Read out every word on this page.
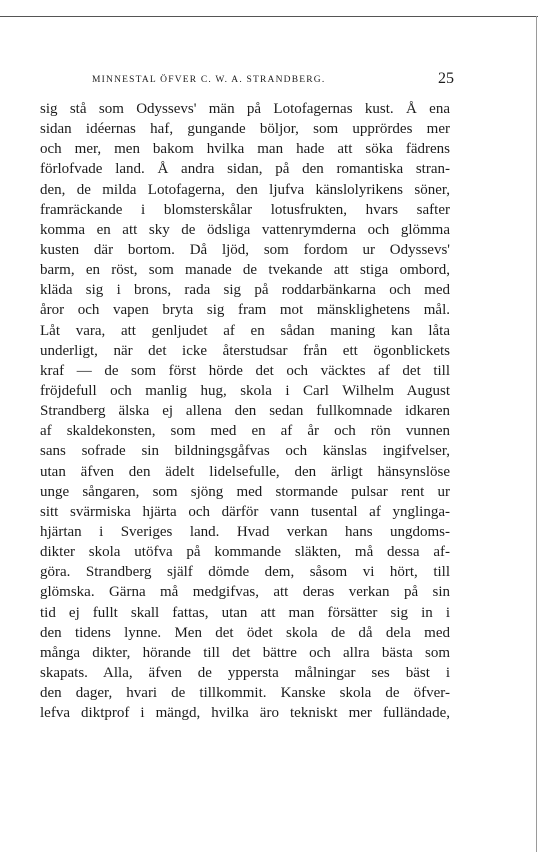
MINNESTAL ÖFVER C. W. A. STRANDBERG.	25
sig stå som Odyssevs' män på Lotofagernas kust. Å ena
sidan idéernas haf, gungande böljor, som upprördes mer
och mer, men bakom hvilka man hade att söka fädrens
förlofvade land. Å andra sidan, på den romantiska stran-
den, de milda Lotofagerna, den ljufva känslolyrikens söner,
framräckande i blomsterskålar lotusfrukten, hvars safter
komma en att sky de ödsliga vattenrymderna och glömma
kusten där bortom. Då ljöd, som fordom ur Odyssevs'
barm, en röst, som manade de tvekande att stiga ombord,
kläda sig i brons, rada sig på roddarbänkarna och med
åror och vapen bryta sig fram mot mänsklighetens mål.
Låt vara, att genljudet af en sådan maning kan låta
underligt, när det icke återstudsar från ett ögonblickets
kraf — de som först hörde det och väcktes af det till
fröjdefull och manlig hug, skola i Carl Wilhelm August
Strandberg älska ej allena den sedan fullkomnade idkaren
af skaldekonsten, som med en af år och rön vunnen
sans sofrade sin bildningsgåfvas och känslas ingifvelser,
utan äfven den ädelt lidelsefulle, den ärligt hänsynslöse
unge sångaren, som sjöng med stormande pulsar rent ur
sitt svärmiska hjärta och därför vann tusental af ynglinga-
hjärtan i Sveriges land. Hvad verkan hans ungdoms-
dikter skola utöfva på kommande släkten, må dessa af-
göra. Strandberg själf dömde dem, såsom vi hört, till
glömska. Gärna må medgifvas, att deras verkan på sin
tid ej fullt skall fattas, utan att man försätter sig in i
den tidens lynne. Men det ödet skola de då dela med
många dikter, hörande till det bättre och allra bästa som
skapats. Alla, äfven de yppersta målningar ses bäst i
den dager, hvari de tillkommit. Kanske skola de öfver-
lefva diktprof i mängd, hvilka äro tekniskt mer fulländade,
